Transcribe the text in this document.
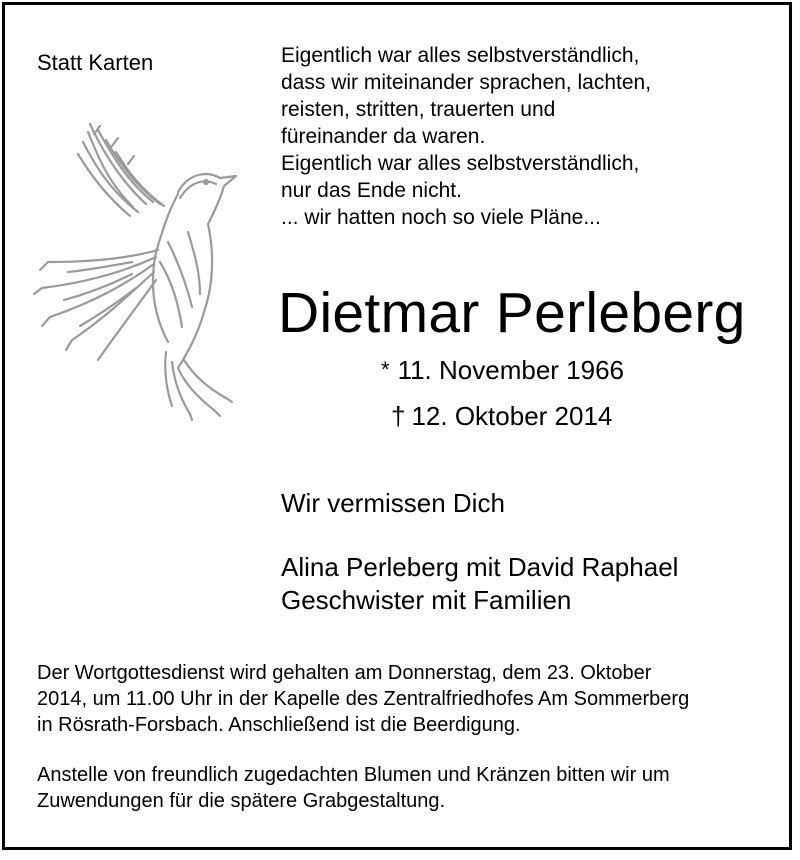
Statt Karten	Eigentlich war alles selbstverständlich,
dass wir miteinander sprachen, lachten,
reisten, stritten, trauerten und
füreinander da waren.
Eigentlich war alles selbstverständlich,
nur das Ende nicht.
... wir hatten noch so viele Pläne...
Dietmar Perleberg
* 11. November 1966
† 12. Oktober 2014
Wir vermissen Dich
Alina Perleberg mit David Raphael
Geschwister mit Familien
Der Wortgottesdienst wird gehalten am Donnerstag, dem 23. Oktober
2014, um 11.00 Uhr in der Kapelle des Zentralfriedhofes Am Sommerberg
in Rösrath-Forsbach. Anschließend ist die Beerdigung.
Anstelle von freundlich zugedachten Blumen und Kränzen bitten wir um
Zuwendungen für die spätere Grabgestaltung.
